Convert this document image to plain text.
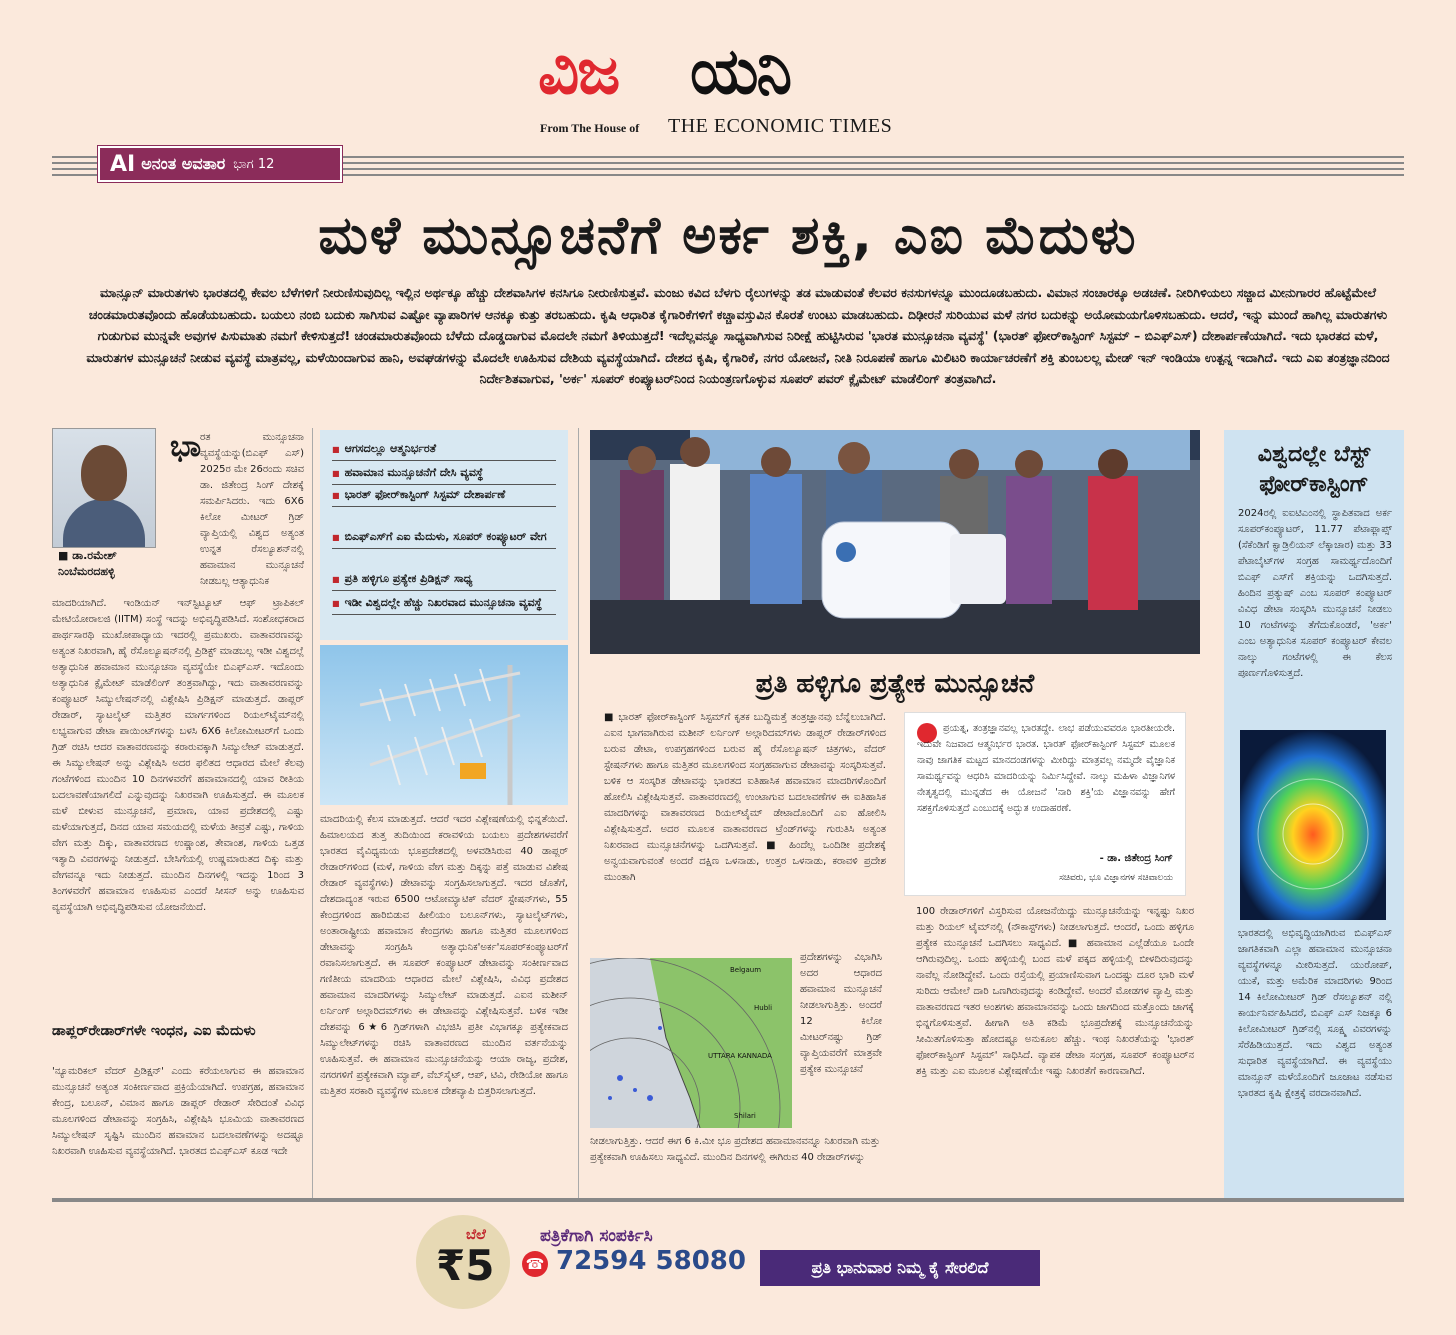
ವಿಜ ಯನಿ
From The House of THE ECONOMIC TIMES
AI ಅನಂತ ಅವತಾರ ಭಾಗ 12
ಮಳೆ ಮುನ್ಸೂಚನೆಗೆ ಅರ್ಕ ಶಕ್ತಿ, ಎಐ ಮೆದುಳು
ಮಾನ್ಸೂನ್ ಮಾರುತಗಳು ಭಾರತದಲ್ಲಿ ಕೇವಲ ಬೆಳೆಗಳಿಗೆ ನೀರುಣಿಸುವುದಿಲ್ಲ ಇಲ್ಲಿನ ಅರ್ಥಕ್ಕೂ ಹೆಚ್ಚು ದೇಶವಾಸಿಗಳ ಕನಸಿಗೂ ನೀರುಣಿಸುತ್ತವೆ. ಮಂಜು ಕವಿದ ಬೆಳಗು ರೈಲುಗಳನ್ನು ತಡ ಮಾಡುವಂತೆ ಕೆಲವರ ಕನಸುಗಳನ್ನೂ ಮುಂದೂಡಬಹುದು. ವಿಮಾನ ಸಂಚಾರಕ್ಕೂ ಅಡಚಣೆ. ನೀರಿಗಿಳಿಯಲು ಸಜ್ಜಾದ ಮೀನುಗಾರರ ಹೊಟ್ಟೆಮೇಲೆ ಚಂಡಮಾರುತವೊಂದು ಹೊಡೆಯಬಹುದು. ಬಯಲು ನಂಬಿ ಬದುಕು ಸಾಗಿಸುವ ಎಷ್ಟೋ ವ್ಯಾಪಾರಿಗಳ ಆನಕ್ಕೂ ಕುತ್ತು ತರಬಹುದು. ಕೃಷಿ ಆಧಾರಿತ ಕೈಗಾರಿಕೆಗಳಿಗೆ ಕಚ್ಚಾವಸ್ತುವಿನ ಕೊರತೆ ಉಂಟು ಮಾಡಬಹುದು. ದಿಢೀರನೆ ಸುರಿಯುವ ಮಳೆ ನಗರ ಬದುಕನ್ನು ಅಯೋಮಯಗೊಳಿಸಬಹುದು. ಆದರೆ, ಇನ್ನು ಮುಂದೆ ಹಾಗಿಲ್ಲ ಮಾರುತಗಳು ಗುಡುಗುವ ಮುನ್ನವೇ ಅವುಗಳ ಪಿಸುಮಾತು ನಮಗೆ ಕೇಳಿಸುತ್ತದೆ! ಚಂಡಮಾರುತವೊಂದು ಬೆಳೆದು ದೊಡ್ಡದಾಗುವ ಮೊದಲೇ ನಮಗೆ ತಿಳಿಯುತ್ತದೆ! ಇದೆಲ್ಲವನ್ನೂ ಸಾಧ್ಯವಾಗಿಸುವ ನಿರೀಕ್ಷೆ ಹುಟ್ಟಿಸಿರುವ 'ಭಾರತ ಮುನ್ಸೂಚನಾ ವ್ಯವಸ್ಥೆ' (ಭಾರತ್ ಫೋರ್‌ಕಾಸ್ಟಿಂಗ್ ಸಿಸ್ಟಮ್ – ಬಿಎಫ್‌ಎಸ್) ದೇಶಾರ್ಪಣೆಯಾಗಿದೆ. ಇದು ಭಾರತದ ಮಳೆ, ಮಾರುತಗಳ ಮುನ್ಸೂಚನೆ ನೀಡುವ ವ್ಯವಸ್ಥೆ ಮಾತ್ರವಲ್ಲ, ಮಳೆಯಿಂದಾಗುವ ಹಾನಿ, ಅವಘಡಗಳನ್ನು ಮೊದಲೇ ಊಹಿಸುವ ದೇಶಿಯ ವ್ಯವಸ್ಥೆಯಾಗಿದೆ. ದೇಶದ ಕೃಷಿ, ಕೈಗಾರಿಕೆ, ನಗರ ಯೋಜನೆ, ನೀತಿ ನಿರೂಪಣೆ ಹಾಗೂ ಮಿಲಿಟರಿ ಕಾರ್ಯಾಚರಣೆಗೆ ಶಕ್ತಿ ತುಂಬಲಲ್ಲ ಮೇಡ್ ಇನ್ ಇಂಡಿಯಾ ಉತ್ಪನ್ನ ಇದಾಗಿದೆ. ಇದು ಎಐ ತಂತ್ರಜ್ಞಾನದಿಂದ ನಿರ್ದೇಶಿತವಾಗುವ, 'ಅರ್ಕ' ಸೂಪರ್ ಕಂಪ್ಯೂಟರ್‌ನಿಂದ ನಿಯಂತ್ರಣಗೊಳ್ಳುವ ಸೂಪರ್ ಪವರ್ ಕ್ಲೈಮೇಟ್ ಮಾಡೆಲಿಂಗ್ ತಂತ್ರವಾಗಿದೆ.
■ ಡಾ.ರಮೇಶ್ ನಿಂಬೆಮರದಹಳ್ಳಿ
ಭಾ
ರತ ಮುನ್ಸೂಚನಾ ವ್ಯವಸ್ಥೆಯನ್ನು(ಬಿಎಫ್ ಎಸ್) 2025ರ ಮೇ 26ರಂದು ಸಚಿವ ಡಾ. ಜಿತೇಂದ್ರ ಸಿಂಗ್ ದೇಶಕ್ಕೆ ಸಮರ್ಪಿಸಿದರು. ಇದು 6X6 ಕಿಲೋ ಮೀಟರ್ ಗ್ರಿಡ್ ವ್ಯಾಪ್ತಿಯಲ್ಲಿ ವಿಶ್ವದ ಅತ್ಯಂತ ಉನ್ನತ ರೆಸಲ್ಯೂಶನ್‌ನಲ್ಲಿ ಹವಾಮಾನ ಮುನ್ಸೂಚನೆ ನೀಡಬಲ್ಲ ಆತ್ಯಾಧುನಿಕ
ಮಾದರಿಯಾಗಿದೆ. ಇಂಡಿಯನ್ ಇನ್‌ಸ್ಟಿಟ್ಯೂಟ್ ಆಫ್ ಟ್ರಾಪಿಕಲ್ ಮೇಟಿಯೋರಾಲಜಿ (IITM) ಸಂಸ್ಥೆ ಇದನ್ನು ಅಭಿವೃದ್ಧಿಪಡಿಸಿದೆ. ಸಂಶೋಧಕರಾದ ಪಾರ್ಥಸಾರಥಿ ಮುಖೋಪಾಧ್ಯಾಯ ಇದರಲ್ಲಿ ಪ್ರಮುಖರು. ವಾತಾವರಣವನ್ನು ಅತ್ಯಂತ ನಿಖರವಾಗಿ, ಹೈ ರೆಸೊಲ್ಯೂಷನ್‌ನಲ್ಲಿ ಪ್ರಿಡಿಕ್ಟ್ ಮಾಡಬಲ್ಲ ಇಡೀ ವಿಶ್ವದಲ್ಲೆ ಅತ್ಯಾಧುನಿಕ ಹವಾಮಾನ ಮುನ್ಸೂಚನಾ ವ್ಯವಸ್ಥೆಯೇ ಬಿಎಫ್‌ಎಸ್. ಇದೊಂದು ಅತ್ಯಾಧುನಿಕ ಕ್ಲೈಮೇಟ್ ಮಾಡೆಲಿಂಗ್ ತಂತ್ರವಾಗಿದ್ದು, ಇದು ವಾತಾವರಣವನ್ನು ಕಂಪ್ಯೂಟರ್ ಸಿಮ್ಯುಲೇಷನ್‌ನಲ್ಲಿ ವಿಶ್ಲೇಷಿಸಿ ಪ್ರಿಡಿಕ್ಷನ್ ಮಾಡುತ್ತದೆ. ಡಾಪ್ಲರ್ ರೇಡಾರ್, ಸ್ಯಾಟಲೈಟ್ ಮತ್ತಿತರ ಮಾರ್ಗಗಳಿಂದ ರಿಯಲ್‌ಟೈಮ್‌ನಲ್ಲಿ ಲಭ್ಯವಾಗುವ ಡೇಟಾ ಪಾಯಿಂಟ್‌ಗಳನ್ನು ಬಳಸಿ 6X6 ಕಿಲೋಮೀಟರ್‌ಗೆ ಒಂದು ಗ್ರಿಡ್ ರಚಿಸಿ ಆದರ ವಾತಾವರಣವನ್ನು ಕರಾರುವಕ್ಕಾಗಿ ಸಿಮ್ಯುಲೇಟ್ ಮಾಡುತ್ತದೆ. ಈ ಸಿಮ್ಯುಲೇಷನ್ ಅನ್ನು ವಿಶ್ಲೇಷಿಸಿ ಅದರ ಫಲಿತದ ಆಧಾರದ ಮೇಲೆ ಕೆಲವು ಗಂಟೆಗಳಿಂದ ಮುಂದಿನ 10 ದಿನಗಳವರೆಗೆ ಹವಾಮಾನದಲ್ಲಿ ಯಾವ ರೀತಿಯ ಬದಲಾವಣೆಯಾಗಲಿದೆ ಎನ್ನುವುದನ್ನು ನಿಖರವಾಗಿ ಊಹಿಸುತ್ತದೆ. ಈ ಮೂಲಕ ಮಳೆ ಬೀಳುವ ಮುನ್ಸೂಚನೆ, ಪ್ರಮಾಣ, ಯಾವ ಪ್ರದೇಶದಲ್ಲಿ ಎಷ್ಟು ಮಳೆಯಾಗುತ್ತದೆ, ದಿನದ ಯಾವ ಸಮಯದಲ್ಲಿ ಮಳೆಯ ತೀವ್ರತೆ ಎಷ್ಟು, ಗಾಳಿಯ ವೇಗ ಮತ್ತು ದಿಕ್ಕು, ವಾತಾವರಣದ ಉಷ್ಣಾಂಶ, ತೇವಾಂಶ, ಗಾಳಿಯ ಒತ್ತಡ ಇತ್ಯಾದಿ ವಿವರಗಳನ್ನು ನೀಡುತ್ತದೆ. ಬೇಸಿಗೆಯಲ್ಲಿ ಉಷ್ಣಮಾರುತದ ದಿಕ್ಕು ಮತ್ತು ವೇಗವನ್ನೂ ಇದು ನೀಡುತ್ತದೆ. ಮುಂದಿನ ದಿನಗಳಲ್ಲಿ ಇದನ್ನು 1ರಿಂದ 3 ತಿಂಗಳವರೆಗೆ ಹವಾಮಾನ ಊಹಿಸುವ ಎಂದರೆ ಸೀಸನ್ ಅನ್ನು ಊಹಿಸುವ ವ್ಯವಸ್ಥೆಯಾಗಿ ಅಭಿವೃದ್ಧಿಪಡಿಸುವ ಯೋಜನೆಯಿದೆ.
ಡಾಪ್ಲರ್‌ರೇಡಾರ್‌ಗಳೇ ಇಂಧನ, ಎಐ ಮೆದುಳು
'ನ್ಯೂಮರಿಕಲ್ ವೆದರ್ ಪ್ರಿಡಿಕ್ಷನ್' ಎಂದು ಕರೆಯಲಾಗುವ ಈ ಹವಾಮಾನ ಮುನ್ಸೂಚನೆ ಅತ್ಯಂತ ಸಂಕೀರ್ಣವಾದ ಪ್ರಕ್ರಿಯೆಯಾಗಿದೆ. ಉಪಗ್ರಹ, ಹವಾಮಾನ ಕೇಂದ್ರ, ಬಲೂನ್, ವಿಮಾನ ಹಾಗೂ ಡಾಪ್ಲರ್ ರೇಡಾರ್ ಸೇರಿದಂತೆ ವಿವಿಧ ಮೂಲಗಳಿಂದ ಡೇಟಾವನ್ನು ಸಂಗ್ರಹಿಸಿ, ವಿಶ್ಲೇಷಿಸಿ ಭೂಮಿಯ ವಾತಾವರಣದ ಸಿಮ್ಯುಲೇಷನ್ ಸೃಷ್ಟಿಸಿ ಮುಂದಿನ ಹವಾಮಾನ ಬದಲಾವಣೆಗಳನ್ನು ಅದಷ್ಟೂ ನಿಖರವಾಗಿ ಊಹಿಸುವ ವ್ಯವಸ್ಥೆಯಾಗಿದೆ. ಭಾರತದ ಬಿಎಫ್‌ಎಸ್ ಕೂಡ ಇದೇ
■ ಆಗಸದಲ್ಲೂ ಆತ್ಮನಿರ್ಭರತೆ
■ ಹವಾಮಾನ ಮುನ್ಸೂಚನೆಗೆ ದೇಸಿ ವ್ಯವಸ್ಥೆ
■ ಭಾರತ್ ಫೋರ್‌ಕಾಸ್ಟಿಂಗ್ ಸಿಸ್ಟಮ್ ದೇಶಾರ್ಪಣೆ
■ ಬಿಎಫ್‌ಎಸ್‌ಗೆ ಎಐ ಮೆದುಳು, ಸೂಪರ್ ಕಂಪ್ಯೂಟರ್ ವೇಗ
■ ಪ್ರತಿ ಹಳ್ಳಿಗೂ ಪ್ರತ್ಯೇಕ ಪ್ರಿಡಿಕ್ಷನ್ ಸಾಧ್ಯ
■ ಇಡೀ ವಿಶ್ವದಲ್ಲೇ ಹೆಚ್ಚು ನಿಖರವಾದ ಮುನ್ಸೂಚನಾ ವ್ಯವಸ್ಥೆ
ಮಾದರಿಯಲ್ಲಿ ಕೆಲಸ ಮಾಡುತ್ತದೆ. ಆದರೆ ಇದರ ವಿಶ್ಲೇಷಣೆಯಲ್ಲಿ ಭಿನ್ನತೆಯಿದೆ. ಹಿಮಾಲಯದ ತುತ್ತ ತುದಿಯಿಂದ ಕರಾವಳಿಯ ಬಯಲು ಪ್ರದೇಶಗಳವರೆಗೆ ಭಾರತದ ವೈವಿಧ್ಯಮಯ ಭೂಪ್ರದೇಶದಲ್ಲಿ ಅಳವಡಿಸಿರುವ 40 ಡಾಪ್ಲರ್ ರೇಡಾರ್‌ಗಳಿಂದ (ಮಳೆ, ಗಾಳಿಯ ವೇಗ ಮತ್ತು ದಿಕ್ಕನ್ನು ಪತ್ತೆ ಮಾಡುವ ವಿಶೇಷ ರೇಡಾರ್ ವ್ಯವಸ್ಥೆಗಳು) ಡೇಟಾವನ್ನು ಸಂಗ್ರಹಿಸಲಾಗುತ್ತದೆ. ಇದರ ಜೊತೆಗೆ, ದೇಶದಾದ್ಯಂತ ಇರುವ 6500 ಆಟೋಮ್ಯಾಟಿಕ್ ವೆದರ್ ಸ್ಟೇಷನ್‌ಗಳು, 55 ಕೇಂದ್ರಗಳಿಂದ ಹಾರಿಬಿಡುವ ಹೀಲಿಯಂ ಬಲೂನ್‌ಗಳು, ಸ್ಯಾಟಲೈಟ್‌ಗಳು, ಅಂತಾರಾಷ್ಟ್ರೀಯ ಹವಾಮಾನ ಕೇಂದ್ರಗಳು ಹಾಗೂ ಮತ್ತಿತರ ಮೂಲಗಳಿಂದ ಡೇಟಾವನ್ನು ಸಂಗ್ರಹಿಸಿ ಅತ್ಯಾಧುನಿಕ'ಅರ್ಕ'ಸೂಪರ್‌ಕಂಪ್ಯೂಟರ್‌ಗೆ ರವಾನಿಸಲಾಗುತ್ತದೆ. ಈ ಸೂಪರ್ ಕಂಪ್ಯೂಟರ್ ಡೇಟಾವನ್ನು ಸಂಕೀರ್ಣವಾದ ಗಣಿತೀಯ ಮಾದರಿಯ ಆಧಾರದ ಮೇಲೆ ವಿಶ್ಲೇಷಿಸಿ, ವಿವಿಧ ಪ್ರದೇಶದ ಹವಾಮಾನ ಮಾದರಿಗಳನ್ನು ಸಿಮ್ಯುಲೇಟ್ ಮಾಡುತ್ತದೆ. ಎಐನ ಮಶೀನ್ ಲರ್ನಿಂಗ್ ಅಲ್ಗಾರಿದಮ್‌ಗಳು ಈ ಡೇಟಾವನ್ನು ವಿಶ್ಲೇಷಿಸುತ್ತವೆ. ಬಳಿಕ ಇಡೀ ದೇಶವನ್ನು 6★6 ಗ್ರಿಡ್‌ಗಳಾಗಿ ವಿಭಜಿಸಿ ಪ್ರತೀ ವಿಭಾಗಕ್ಕೂ ಪ್ರತ್ಯೇಕವಾದ ಸಿಮ್ಯುಲೇಟ್‌ಗಳನ್ನು ರಚಿಸಿ ವಾತಾವರಣದ ಮುಂದಿನ ವರ್ತನೆಯನ್ನು ಊಹಿಸುತ್ತವೆ. ಈ ಹವಾಮಾನ ಮುನ್ಸೂಚನೆಯನ್ನು ಆಯಾ ರಾಜ್ಯ, ಪ್ರದೇಶ, ನಗರಗಳಿಗೆ ಪ್ರತ್ಯೇಕವಾಗಿ ಮ್ಯಾಪ್, ವೆಬ್‌ಸೈಟ್, ಆಪ್, ಟಿವಿ, ರೇಡಿಯೋ ಹಾಗೂ ಮತ್ತಿತರ ಸರಕಾರಿ ವ್ಯವಸ್ಥೆಗಳ ಮೂಲಕ ದೇಶವ್ಯಾಪಿ ಬಿತ್ತರಿಸಲಾಗುತ್ತದೆ.
ಪ್ರತಿ ಹಳ್ಳಿಗೂ ಪ್ರತ್ಯೇಕ ಮುನ್ಸೂಚನೆ
■ ಭಾರತ್ ಫೋರ್‌ಕಾಸ್ಟಿಂಗ್ ಸಿಸ್ಟಮ್‌ಗೆ ಕೃತಕ ಬುದ್ಧಿಮತ್ತೆ ತಂತ್ರಜ್ಞಾನವು ಬೆನ್ನೆಲುಬಾಗಿದೆ. ಎಐನ ಭಾಗವಾಗಿರುವ ಮಶೀನ್ ಲರ್ನಿಂಗ್ ಅಲ್ಗಾರಿದಮ್‌ಗಳು ಡಾಪ್ಲರ್ ರೇಡಾರ್‌ಗಳಿಂದ ಬರುವ ಡೇಟಾ, ಉಪಗ್ರಹಗಳಿಂದ ಬರುವ ಹೈ ರೆಸೊಲ್ಯೂಷನ್ ಚಿತ್ರಗಳು, ವೆದರ್ ಸ್ಟೇಷನ್‌ಗಳು ಹಾಗೂ ಮತ್ತಿತರ ಮೂಲಗಳಿಂದ ಸಂಗ್ರಹವಾಗುವ ಡೇಟಾವನ್ನು ಸಂಸ್ಕರಿಸುತ್ತವೆ. ಬಳಿಕ ಆ ಸಂಸ್ಕರಿತ ಡೇಟಾವನ್ನು ಭಾರತದ ಐತಿಹಾಸಿಕ ಹವಾಮಾನ ಮಾದರಿಗಳೊಂದಿಗೆ ಹೋಲಿಸಿ ವಿಶ್ಲೇಷಿಸುತ್ತವೆ. ವಾತಾವರಣದಲ್ಲಿ ಉಂಟಾಗುವ ಬದಲಾವಣೆಗಳ ಈ ಐತಿಹಾಸಿಕ ಮಾದರಿಗಳನ್ನು ವಾತಾವರಣದ ರಿಯಲ್‌ಟೈಮ್ ಡೇಟಾದೊಂದಿಗೆ ಎಐ ಹೋಲಿಸಿ ವಿಶ್ಲೇಷಿಸುತ್ತದೆ. ಅದರ ಮೂಲಕ ವಾತಾವರಣದ ಟ್ರೆಂಡ್‌ಗಳನ್ನು ಗುರುತಿಸಿ ಅತ್ಯಂತ ನಿಖರವಾದ ಮುನ್ಸೂಚನೆಗಳನ್ನು ಒದಗಿಸುತ್ತವೆ. ■ ಹಿಂದೆಲ್ಲ ಒಂದಿಡೀ ಪ್ರದೇಶಕ್ಕೆ ಅನ್ವಯವಾಗುವಂತೆ ಅಂದರೆ ದಕ್ಷಿಣ ಒಳನಾಡು, ಉತ್ತರ ಒಳನಾಡು, ಕರಾವಳಿ ಪ್ರದೇಶ ಮುಂತಾಗಿ
ಪ್ರಯತ್ನ, ತಂತ್ರಜ್ಞಾನವಲ್ಲ ಭಾರತದ್ದೇ. ಲಾಭ ಪಡೆಯುವವರೂ ಭಾರತೀಯರೇ. ಇದುವೇ ನಿಜವಾದ ಆತ್ಮನಿರ್ಭರ ಭಾರತ. ಭಾರತ್ ಫೋರ್‌ಕಾಸ್ಟಿಂಗ್ ಸಿಸ್ಟಮ್ ಮೂಲಕ ನಾವು ಜಾಗತಿಕ ಮಟ್ಟದ ಮಾನದಂಡಗಳನ್ನು ಮೀರಿದ್ದು ಮಾತ್ರವಲ್ಲ ನಮ್ಮದೇ ವೈಜ್ಞಾನಿಕ ಸಾಮರ್ಥ್ಯವನ್ನು ಆಧರಿಸಿ ಮಾದರಿಯನ್ನು ನಿರ್ಮಿಸಿದ್ದೇವೆ. ನಾಲ್ಕು ಮಹಿಳಾ ವಿಜ್ಞಾನಿಗಳ ನೇತೃತ್ವದಲ್ಲಿ ಮುನ್ನಡೆದ ಈ ಯೋಜನೆ 'ನಾರಿ ಶಕ್ತಿ'ಯ ವಿಜ್ಞಾನವನ್ನು ಹೇಗೆ ಸಶಕ್ತಗೊಳಿಸುತ್ತದೆ ಎಂಬುದಕ್ಕೆ ಅದ್ಭುತ ಉದಾಹರಣೆ.
- ಡಾ. ಜಿತೇಂದ್ರ ಸಿಂಗ್
ಸಚಿವರು, ಭೂ ವಿಜ್ಞಾನಗಳ ಸಚಿವಾಲಯ
100 ರೇಡಾರ್‌ಗಳಿಗೆ ವಿಸ್ತರಿಸುವ ಯೋಜನೆಯಿದ್ದು ಮುನ್ಸೂಚನೆಯನ್ನು ಇನ್ನಷ್ಟು ನಿಖರ ಮತ್ತು ರಿಯಲ್ ಟೈಮ್‌ನಲ್ಲಿ (ನೌಕಾಸ್ಟ್‌ಗಳು) ನೀಡಲಾಗುತ್ತದೆ. ಆಂದರೆ, ಒಂದು ಹಳ್ಳಿಗೂ ಪ್ರತ್ಯೇಕ ಮುನ್ಸೂಚನೆ ಒದಗಿಸಲು ಸಾಧ್ಯವಿದೆ. ■ ಹವಾಮಾನ ಎಲ್ಲೆಡೆಯೂ ಒಂದೇ ಆಗಿರುವುದಿಲ್ಲ. ಒಂದು ಹಳ್ಳಿಯಲ್ಲಿ ಬಂದ ಮಳೆ ಪಕ್ಕದ ಹಳ್ಳಿಯಲ್ಲಿ ಬೀಳದಿರುವುದನ್ನು ನಾವೆಲ್ಲ ನೋಡಿದ್ದೇವೆ. ಒಂದು ರಸ್ತೆಯಲ್ಲಿ ಪ್ರಯಾಣಿಸುವಾಗ ಒಂದಷ್ಟು ದೂರ ಭಾರಿ ಮಳೆ ಸುರಿದು ಆಮೇಲೆ ದಾರಿ ಒಣಗಿರುವುದನ್ನು ಕಂಡಿದ್ದೇವೆ. ಅಂದರೆ ಮೋಡಗಳ ವ್ಯಾಪ್ತಿ ಮತ್ತು ವಾತಾವರಣದ ಇತರ ಅಂಶಗಳು ಹವಾಮಾನವನ್ನು ಒಂದು ಜಾಗದಿಂದ ಮತ್ತೊಂದು ಜಾಗಕ್ಕೆ ಭಿನ್ನಗೊಳಿಸುತ್ತವೆ. ಹೀಗಾಗಿ ಅತಿ ಕಡಿಮೆ ಭೂಪ್ರದೇಶಕ್ಕೆ ಮುನ್ಸೂಚನೆಯನ್ನು ಸೀಮಿತಗೊಳಿಸುತ್ತಾ ಹೋದಷ್ಟೂ ಅನುಕೂಲ ಹೆಚ್ಚು. ಇಂಥ ನಿಖರತೆಯನ್ನು 'ಭಾರತ್ ಫೋರ್‌ಕಾಸ್ಟಿಂಗ್ ಸಿಸ್ಟಮ್' ಸಾಧಿಸಿದೆ. ವ್ಯಾಪಕ ಡೇಟಾ ಸಂಗ್ರಹ, ಸೂಪರ್ ಕಂಪ್ಯೂಟರ್‌ನ ಶಕ್ತಿ ಮತ್ತು ಎಐ ಮೂಲಕ ವಿಶ್ಲೇಷಣೆಯೇ ಇಷ್ಟು ನಿಖರತೆಗೆ ಕಾರಣವಾಗಿದೆ.
Belgaum
Hubli
UTTARA KANNADA
Shilari
ಪ್ರದೇಶಗಳನ್ನು ವಿಭಾಗಿಸಿ ಅದರ ಆಧಾರದ ಹವಾಮಾನ ಮುನ್ಸೂಚನೆ ನೀಡಲಾಗುತ್ತಿತ್ತು. ಅಂದರೆ 12 ಕಿಲೋ ಮೀಟರ್‌ನಷ್ಟು ಗ್ರಿಡ್ ವ್ಯಾಪ್ತಿಯವರೆಗೆ ಮಾತ್ರವೇ ಪ್ರತ್ಯೇಕ ಮುನ್ಸೂಚನೆ
ನೀಡಲಾಗುತ್ತಿತ್ತು. ಆದರೆ ಈಗ 6 ಕಿ.ಮೀ ಭೂ ಪ್ರದೇಶದ ಹವಾಮಾನವನ್ನೂ ನಿಖರವಾಗಿ ಮತ್ತು ಪ್ರತ್ಯೇಕವಾಗಿ ಊಹಿಸಲು ಸಾಧ್ಯವಿದೆ. ಮುಂದಿನ ದಿನಗಳಲ್ಲಿ ಈಗಿರುವ 40 ರೇಡಾರ್‌ಗಳನ್ನು
ವಿಶ್ವದಲ್ಲೇ ಬೆಸ್ಟ್ ಫೋರ್‌ಕಾಸ್ಟಿಂಗ್
2024ರಲ್ಲಿ ಐಐಟಿಎಂನಲ್ಲಿ ಸ್ಥಾಪಿತವಾದ ಅರ್ಕ ಸೂಪರ್‌ಕಂಪ್ಯೂಟರ್, 11.77 ಪೆಟಾಫ್ಲಾಪ್ಸ್ (ಸೆಕೆಂಡಿಗೆ ಕ್ವಾಡ್ರಿಲಿಯನ್ ಲೆಕ್ಕಾಚಾರ) ಮತ್ತು 33 ಪೆಟಾಬೈಟ್‌ಗಳ ಸಂಗ್ರಹ ಸಾಮರ್ಥ್ಯದೊಂದಿಗೆ ಬಿಎಫ್ ಎಸ್‌ಗೆ ಶಕ್ತಿಯನ್ನು ಒದಗಿಸುತ್ತದೆ. ಹಿಂದಿನ ಪ್ರತ್ಯುಷ್ ಎಂಬ ಸೂಪರ್ ಕಂಪ್ಯೂಟರ್ ವಿವಿಧ ಡೇಟಾ ಸಂಸ್ಕರಿಸಿ ಮುನ್ಸೂಚನೆ ನೀಡಲು 10 ಗಂಟೆಗಳನ್ನು ತೆಗೆದುಕೊಂಡರೆ, 'ಅರ್ಕ' ಎಂಬ ಅತ್ಯಾಧುನಿಕ ಸೂಪರ್ ಕಂಪ್ಯೂಟರ್ ಕೇವಲ ನಾಲ್ಕು ಗಂಟೆಗಳಲ್ಲಿ ಈ ಕೆಲಸ ಪೂರ್ಣಗೊಳಿಸುತ್ತದೆ.
ಭಾರತದಲ್ಲಿ ಅಭಿವೃದ್ಧಿಯಾಗಿರುವ ಬಿಎಫ್‌ಎಸ್ ಜಾಗತಿಕವಾಗಿ ಎಲ್ಲಾ ಹವಾಮಾನ ಮುನ್ಸೂಚನಾ ವ್ಯವಸ್ಥೆಗಳನ್ನೂ ಮೀರಿಸುತ್ತದೆ. ಯುರೋಪ್, ಯುಕೆ, ಮತ್ತು ಅಮೆರಿಕ ಮಾದರಿಗಳು 9ರಿಂದ 14 ಕಿಲೋಮೀಟರ್ ಗ್ರಿಡ್ ರೆಸಲ್ಯೂಶನ್ ನಲ್ಲಿ ಕಾರ್ಯನಿರ್ವಹಿಸಿದರೆ, ಬಿಎಫ್ ಎಸ್ ನಿಜಕ್ಕೂ 6 ಕಿಲೋಮೀಟರ್ ಗ್ರಿಡ್‌ನಲ್ಲಿ ಸೂಕ್ಷ್ಮ ವಿವರಗಳನ್ನು ಸೆರೆಹಿಡಿಯುತ್ತದೆ. ಇದು ವಿಶ್ವದ ಅತ್ಯಂತ ಸುಧಾರಿತ ವ್ಯವಸ್ಥೆಯಾಗಿದೆ. ಈ ವ್ಯವಸ್ಥೆಯು ಮಾನ್ಸೂನ್ ಮಳೆಯೊಂದಿಗೆ ಜೂಜಾಟ ನಡೆಸುವ ಭಾರತದ ಕೃಷಿ ಕ್ಷೇತ್ರಕ್ಕೆ ವರದಾನವಾಗಿದೆ.
ಬೆಲೆ
₹5
ಪತ್ರಿಕೆಗಾಗಿ ಸಂಪರ್ಕಿಸಿ
☎ 72594 58080	ಪ್ರತಿ ಭಾನುವಾರ ನಿಮ್ಮ ಕೈ ಸೇರಲಿದೆ
